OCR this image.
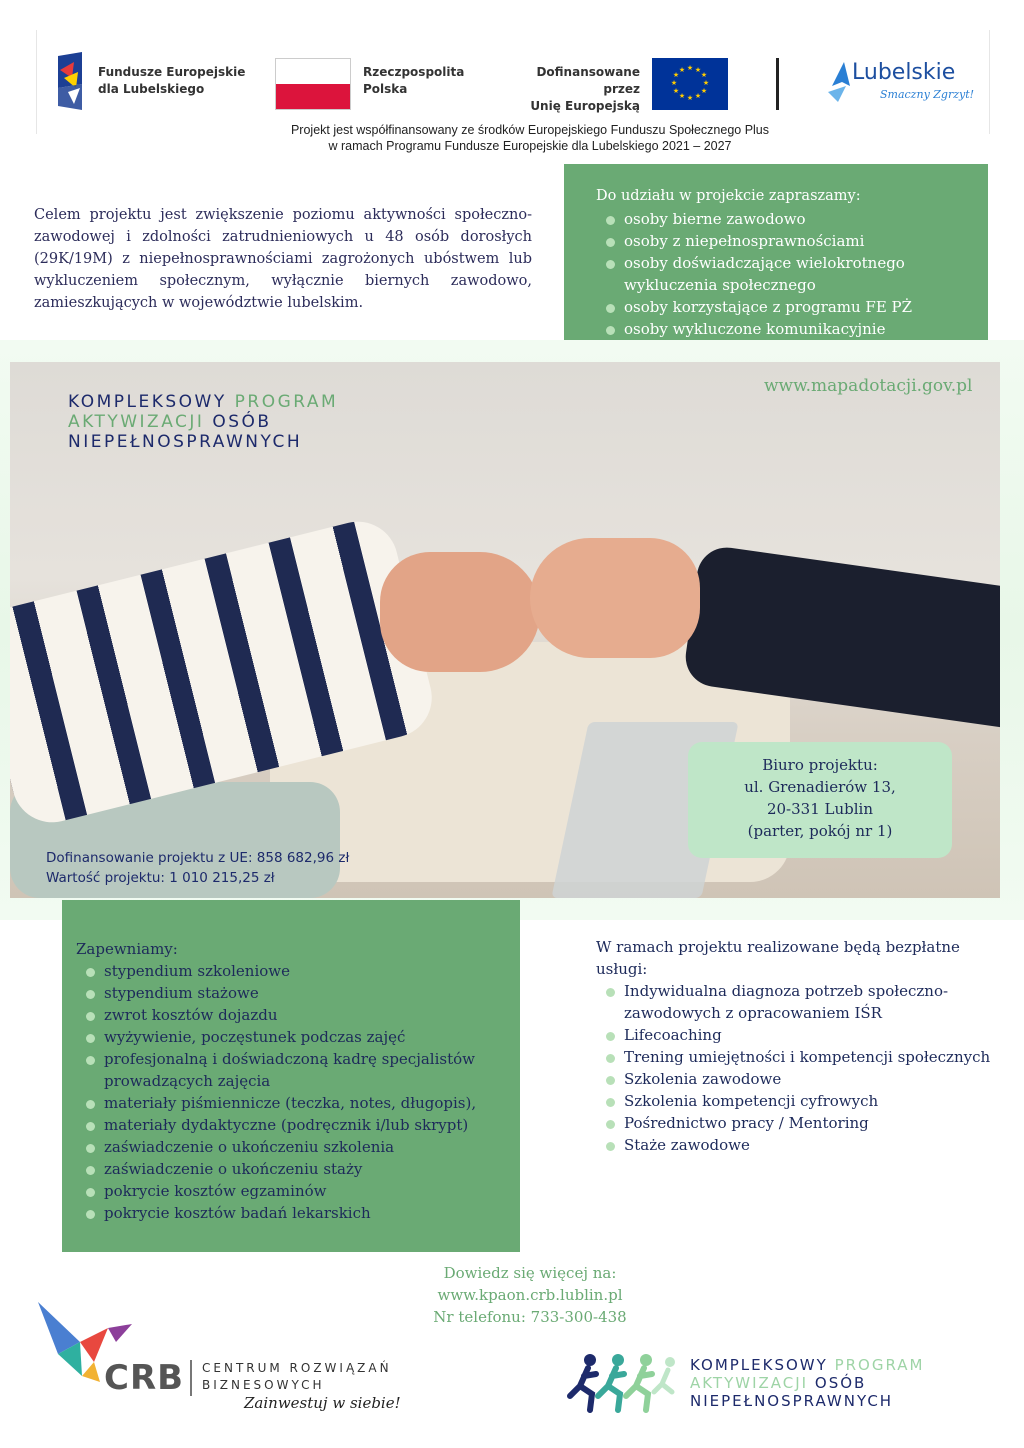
Fundusze Europejskie
dla Lubelskiego
Rzeczpospolita
Polska
Dofinansowane przez
Unię Europejską
★ ★
★
★
★
★
★
★
★
★
★
★	Lubelskie
Smaczny Zgrzyt!
Projekt jest współfinansowany ze środków Europejskiego Funduszu Społecznego Plus
w ramach Programu Fundusze Europejskie dla Lubelskiego 2021 – 2027
Celem projektu jest zwiększenie poziomu aktywności społeczno-zawodowej i zdolności zatrudnieniowych u 48 osób dorosłych (29K/19M) z niepełnosprawnościami zagrożonych ubóstwem lub wykluczeniem społecznym, wyłącznie biernych zawodowo, zamieszkujących w województwie lubelskim.
Do udziału w projekcie zapraszamy:
osoby bierne zawodowo
osoby z niepełnosprawnościami
osoby doświadczające wielokrotnego wykluczenia społecznego
osoby korzystające z programu FE PŻ
osoby wykluczone komunikacyjnie
KOMPLEKSOWY PROGRAM
AKTYWIZACJI OSÓB
NIEPEŁNOSPRAWNYCH
www.mapadotacji.gov.pl
Biuro projektu:
ul. Grenadierów 13,
20-331 Lublin
(parter, pokój nr 1)
Dofinansowanie projektu z UE: 858 682,96 zł
Wartość projektu: 1 010 215,25 zł
Zapewniamy:
stypendium szkoleniowe
stypendium stażowe
zwrot kosztów dojazdu
wyżywienie, poczęstunek podczas zajęć
profesjonalną i doświadczoną kadrę specjalistów prowadzących zajęcia
materiały piśmiennicze (teczka, notes, długopis),
materiały dydaktyczne (podręcznik i/lub skrypt)
zaświadczenie o ukończeniu szkolenia
zaświadczenie o ukończeniu staży
pokrycie kosztów egzaminów
pokrycie kosztów badań lekarskich
W ramach projektu realizowane będą bezpłatne usługi:
Indywidualna diagnoza potrzeb społeczno-zawodowych z opracowaniem IŚR
Lifecoaching
Trening umiejętności i kompetencji społecznych
Szkolenia zawodowe
Szkolenia kompetencji cyfrowych
Pośrednictwo pracy / Mentoring
Staże zawodowe
Dowiedz się więcej na:
www.kpaon.crb.lublin.pl
Nr telefonu: 733-300-438
CRB CENTRUM ROZWIĄZAŃ
BIZNESOWYCH
Zainwestuj w siebie!
KOMPLEKSOWY PROGRAM
AKTYWIZACJI OSÓB
NIEPEŁNOSPRAWNYCH
